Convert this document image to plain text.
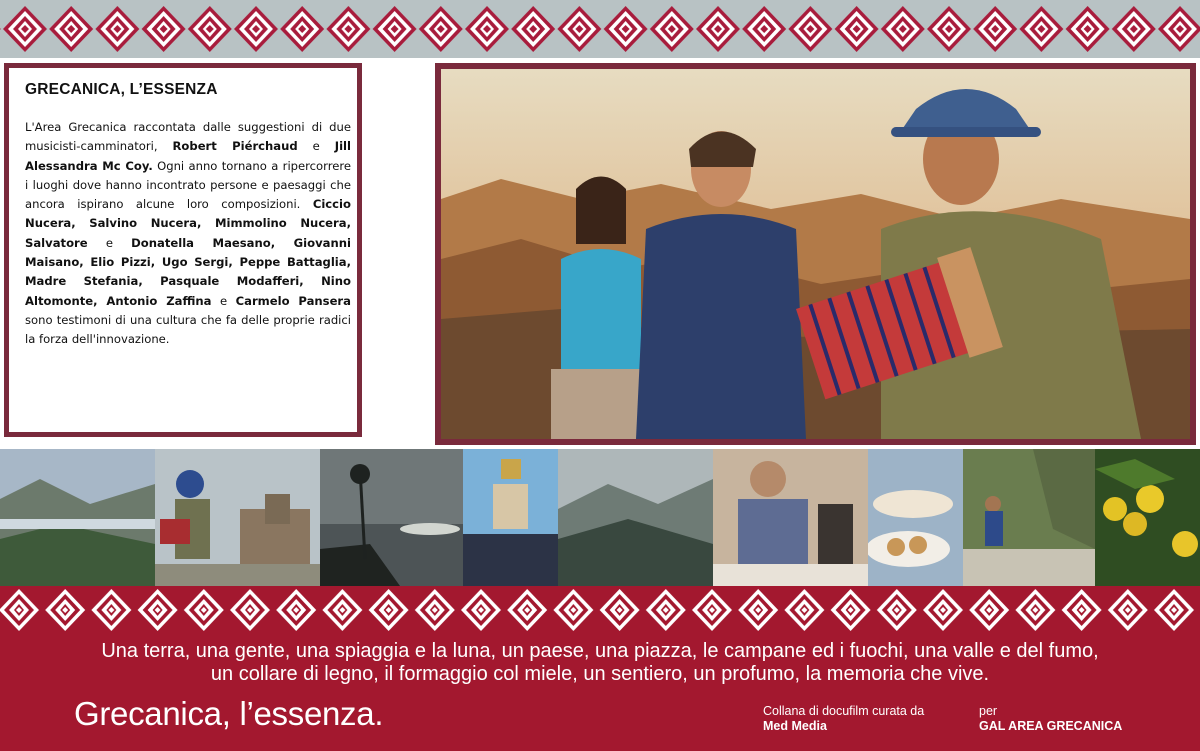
GRECANICA, L’ESSENZA

L'Area Grecanica raccontata dalle suggestioni di due musicisti-camminatori, Robert Piérchaud e Jill Alessandra Mc Coy. Ogni anno tornano a ripercorrere i luoghi dove hanno incontrato persone e paesaggi che ancora ispirano alcune loro composizioni. Ciccio Nucera, Salvino Nucera, Mimmolino Nucera, Salvatore e Donatella Maesano, Giovanni Maisano, Elio Pizzi, Ugo Sergi, Peppe Battaglia, Madre Stefania, Pasquale Modafferi, Nino Altomonte, Antonio Zaffina e Carmelo Pansera sono testimoni di una cultura che fa delle proprie radici la forza dell'innovazione.

Una terra, una gente, una spiaggia e la luna, un paese, una piazza, le campane ed i fuochi, una valle e del fumo,
un collare di legno, il formaggio col miele, un sentiero, un profumo, la memoria che vive.
Grecanica, l’essenza.	Collana di docufilm curata da
Med Media
per
GAL AREA GRECANICA
